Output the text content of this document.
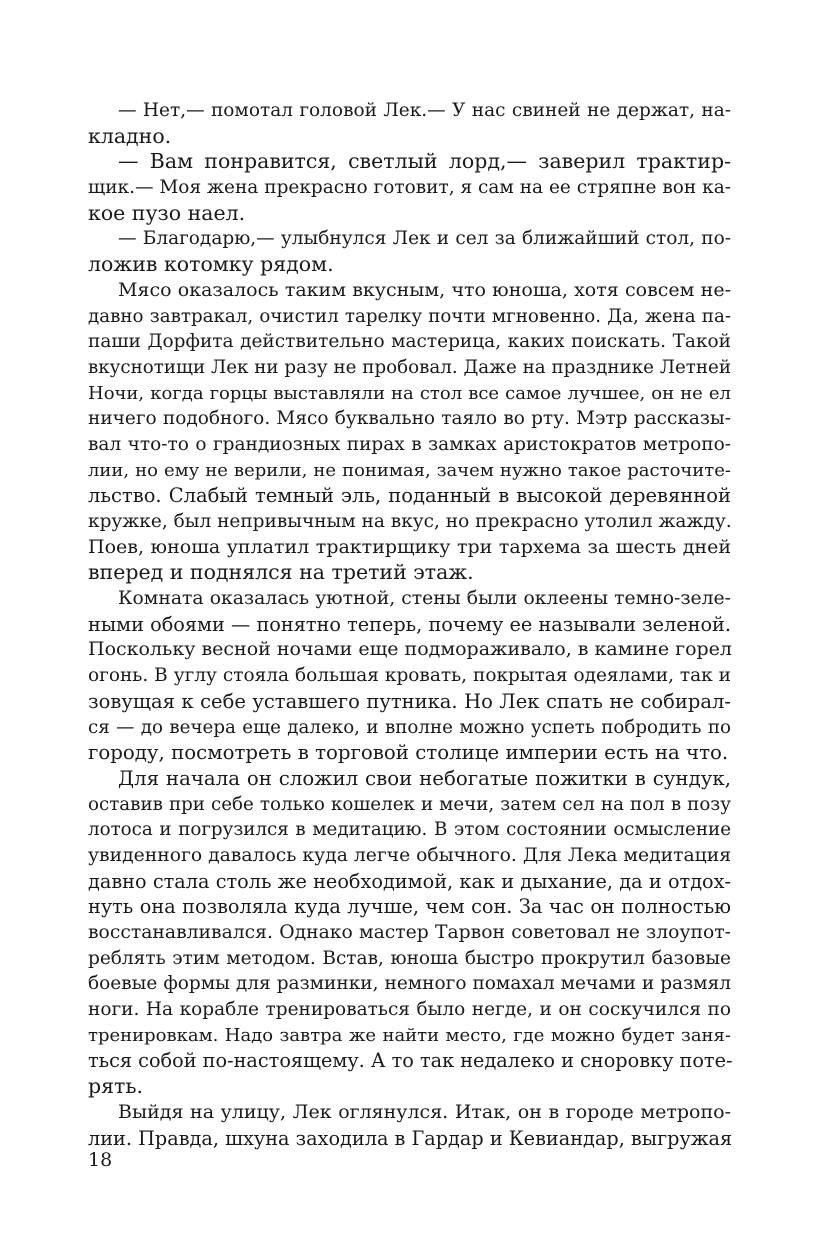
— Нет,— помотал головой Лек.— У нас свиней не держат, на-
кладно.
— Вам понравится, светлый лорд,— заверил трактир-
щик.— Моя жена прекрасно готовит, я сам на ее стряпне вон ка-
кое пузо наел.
— Благодарю,— улыбнулся Лек и сел за ближайший стол, по-
ложив котомку рядом.
Мясо оказалось таким вкусным, что юноша, хотя совсем не-
давно завтракал, очистил тарелку почти мгновенно. Да, жена па-
паши Дорфита действительно мастерица, каких поискать. Такой
вкуснотищи Лек ни разу не пробовал. Даже на празднике Летней
Ночи, когда горцы выставляли на стол все самое лучшее, он не ел
ничего подобного. Мясо буквально таяло во рту. Мэтр рассказы-
вал что-то о грандиозных пирах в замках аристократов метропо-
лии, но ему не верили, не понимая, зачем нужно такое расточите-
льство. Слабый темный эль, поданный в высокой деревянной
кружке, был непривычным на вкус, но прекрасно утолил жажду.
Поев, юноша уплатил трактирщику три тархема за шесть дней
вперед и поднялся на третий этаж.
Комната оказалась уютной, стены были оклеены темно-зеле-
ными обоями — понятно теперь, почему ее называли зеленой.
Поскольку весной ночами еще подмораживало, в камине горел
огонь. В углу стояла большая кровать, покрытая одеялами, так и
зовущая к себе уставшего путника. Но Лек спать не собирал-
ся — до вечера еще далеко, и вполне можно успеть побродить по
городу, посмотреть в торговой столице империи есть на что.
Для начала он сложил свои небогатые пожитки в сундук,
оставив при себе только кошелек и мечи, затем сел на пол в позу
лотоса и погрузился в медитацию. В этом состоянии осмысление
увиденного давалось куда легче обычного. Для Лека медитация
давно стала столь же необходимой, как и дыхание, да и отдох-
нуть она позволяла куда лучше, чем сон. За час он полностью
восстанавливался. Однако мастер Тарвон советовал не злоупот-
реблять этим методом. Встав, юноша быстро прокрутил базовые
боевые формы для разминки, немного помахал мечами и размял
ноги. На корабле тренироваться было негде, и он соскучился по
тренировкам. Надо завтра же найти место, где можно будет заня-
ться собой по-настоящему. А то так недалеко и сноровку поте-
рять.
Выйдя на улицу, Лек оглянулся. Итак, он в городе метропо-
лии. Правда, шхуна заходила в Гардар и Кевиандар, выгружая
18
